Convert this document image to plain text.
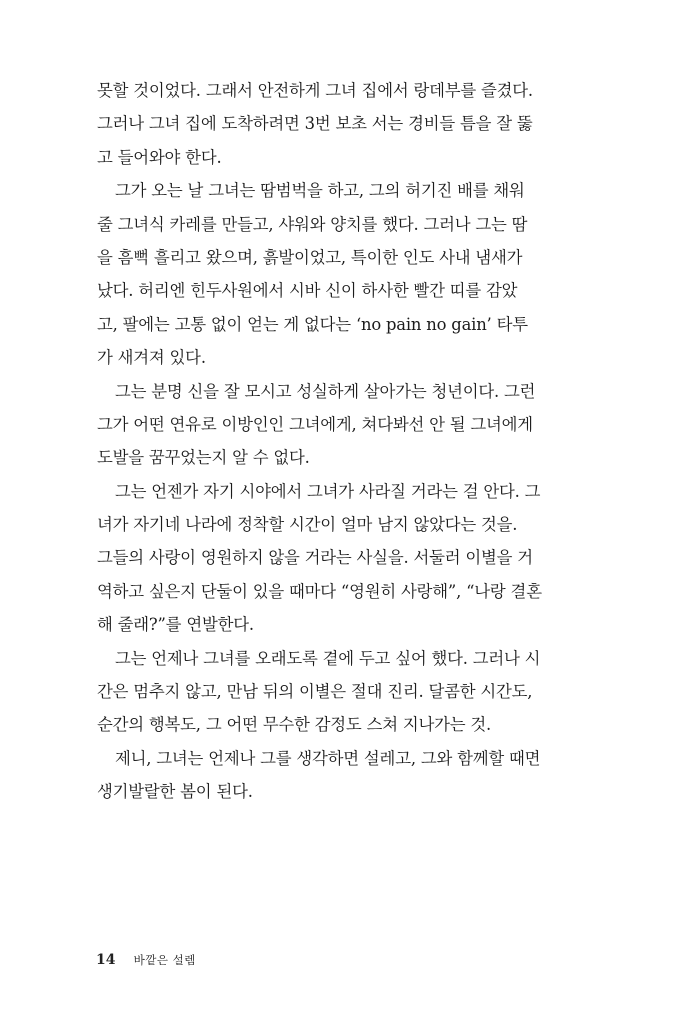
못할 것이었다. 그래서 안전하게 그녀 집에서 랑데부를 즐겼다.
그러나 그녀 집에 도착하려면 3번 보초 서는 경비들 틈을 잘 뚫
고 들어와야 한다.
그가 오는 날 그녀는 땀범벅을 하고, 그의 허기진 배를 채워
줄 그녀식 카레를 만들고, 샤워와 양치를 했다. 그러나 그는 땀
을 흠뻑 흘리고 왔으며, 흙발이었고, 특이한 인도 사내 냄새가
났다. 허리엔 힌두사원에서 시바 신이 하사한 빨간 띠를 감았
고, 팔에는 고통 없이 얻는 게 없다는 ‘no pain no gain’ 타투
가 새겨져 있다.
그는 분명 신을 잘 모시고 성실하게 살아가는 청년이다. 그런
그가 어떤 연유로 이방인인 그녀에게, 쳐다봐선 안 될 그녀에게
도발을 꿈꾸었는지 알 수 없다.
그는 언젠가 자기 시야에서 그녀가 사라질 거라는 걸 안다. 그
녀가 자기네 나라에 정착할 시간이 얼마 남지 않았다는 것을.
그들의 사랑이 영원하지 않을 거라는 사실을. 서둘러 이별을 거
역하고 싶은지 단둘이 있을 때마다 “영원히 사랑해”, “나랑 결혼
해 줄래?”를 연발한다.
그는 언제나 그녀를 오래도록 곁에 두고 싶어 했다. 그러나 시
간은 멈추지 않고, 만남 뒤의 이별은 절대 진리. 달콤한 시간도,
순간의 행복도, 그 어떤 무수한 감정도 스쳐 지나가는 것.
제니, 그녀는 언제나 그를 생각하면 설레고, 그와 함께할 때면
생기발랄한 봄이 된다.
14 바깥은 설렘
